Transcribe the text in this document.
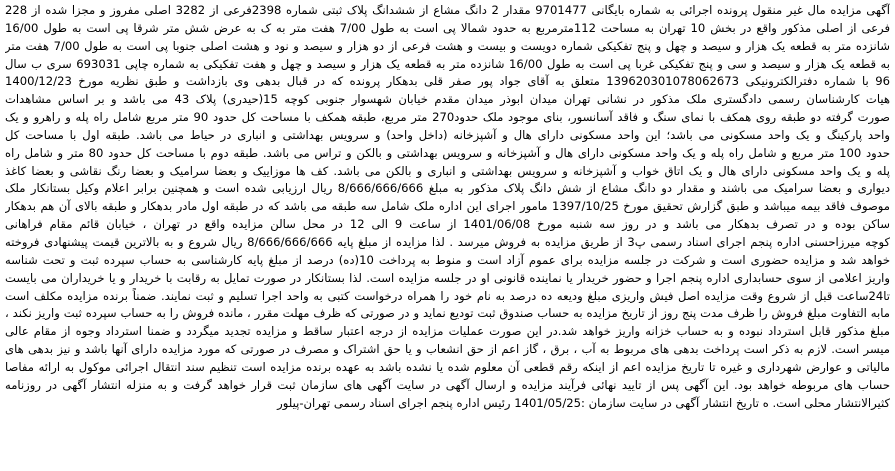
آگهی مزایده مال غیر منقول پرونده اجرائی به شماره بایگانی 9701477 مقدار 2 دانگ مشاع از ششدانگ پلاک ثبتی شماره 2398فرعی از 3282 اصلی مفروز و مجزا شده از 228
فرعی از اصلی مذکور واقع در بخش 10 تهران به مساحت 112مترمربع به حدود شمالا پی است به طول 7/00 هفت متر به ک به عرض شش متر شرقا پی است به طول 16/00
شانزده متر به قطعه یک هزار و سیصد و چهل و پنج تفکیکی شماره دویست و بیست و هشت فرعی از دو هزار و سیصد و نود و هشت اصلی جنوبا پی است به طول 7/00 هفت متر
به قطعه یک هزار و سیصد و سی و پنج تفکیکی غربا پی است به طول 16/00 شانزده متر به قطعه یک هزار و سیصد و چهل و هفت تفکیکی به شماره چاپی 693031 سری ب سال
96 با شماره دفترالکترونیکی 139620301078062673 متعلق به آقای جواد پور صفر قلی بدهکار پرونده که در قبال بدهی وی بازداشت و طبق نظریه مورخ 1400/12/23
هیات کارشناسان رسمی دادگستری ملک مذکور در نشانی تهران میدان ابوذر میدان مقدم خیابان شهسوار جنوبی کوچه 15(حیدری) پلاک 43 می باشد و بر اساس مشاهدات
صورت گرفته دو طبقه روی همکف با نمای سنگ و فاقد آسانسور، بنای موجود ملک حدود270 متر مربع، طبقه همکف با مساحت کل حدود 90 متر مربع شامل راه پله و راهرو و یک
واحد پارکینگ و یک واحد مسکونی می باشد؛ این واحد مسکونی دارای هال و آشپزخانه (داخل واحد) و سرویس بهداشتی و انباری در حیاط می باشد. طبقه اول با مساحت کل
حدود 100 متر مربع و شامل راه پله و یک واحد مسکونی دارای هال و آشپزخانه و سرویس بهداشتی و بالکن و تراس می باشد. طبقه دوم با مساحت کل حدود 80 متر و شامل راه
پله و یک واحد مسکونی دارای هال و یک اتاق خواب و آشپزخانه و سرویس بهداشتی و انباری و بالکن می باشد. کف ها موزاییک و بعضا سرامیک و بعضا رنگ نقاشی و بعضا کاغذ
دیواری و بعضا سرامیک می باشند و مقدار دو دانگ مشاع از شش دانگ پلاک مذکور به مبلغ 8/666/666/666 ریال ارزیابی شده است و همچنین برابر اعلام وکیل بستانکار ملک
موصوف فاقد بیمه میباشد و طبق گزارش تحقیق مورخ 1397/10/25 مامور اجرای این اداره ملک شامل سه طبقه می باشد که در طبقه اول مادر بدهکار و طبقه بالای آن هم بدهکار
ساکن بوده و در تصرف بدهکار می باشد و در روز سه شنبه مورخ 1401/06/08 از ساعت 9 الی 12 در محل سالن مزایده واقع در تهران ، خیابان قائم مقام فراهانی
کوچه میرزاحسنی اداره پنجم اجرای اسناد رسمی پ3 از طریق مزایده به فروش میرسد . لذا مزایده از مبلغ پایه 8/666/666/666 ریال شروع و به بالاترین قیمت پیشنهادی فروخته
خواهد شد و مزایده حضوری است و شرکت در جلسه مزایده برای عموم آزاد است و منوط به پرداخت 10(ده) درصد از مبلغ پایه کارشناسی به حساب سپرده ثبت و تحت شناسه
واریز اعلامی از سوی حسابداری اداره پنجم اجرا و حضور خریدار یا نماینده قانونی او در جلسه مزایده است. لذا بستانکار در صورت تمایل به رقابت با خریدار و یا خریداران می بایست
تا24ساعت قبل از شروع وقت مزایده اصل فیش واریزی مبلغ ودیعه ده درصد به نام خود را همراه درخواست کتبی به واحد اجرا تسلیم و ثبت نمایند. ضمناً برنده مزایده مکلف است
مابه التفاوت مبلغ فروش را ظرف مدت پنج روز از تاریخ مزایده به حساب صندوق ثبت تودیع نماید و در صورتی که ظرف مهلت مقرر ، مانده فروش را به حساب سپرده ثبت واریز نکند ،
مبلغ مذکور قابل استرداد نبوده و به حساب خزانه واریز خواهد شد.در این صورت عملیات مزایده از درجه اعتبار ساقط و مزایده تجدید میگردد و ضمنا استرداد وجوه از مقام عالی
میسر است. لازم به ذکر است پرداخت بدهی های مربوط به آب ، برق ، گاز اعم از حق انشعاب و یا حق اشتراک و مصرف در صورتی که مورد مزایده دارای آنها باشد و نیز بدهی های
مالیاتی و عوارض شهرداری و غیره تا تاریخ مزایده اعم از اینکه رقم قطعی آن معلوم شده یا نشده باشد به عهده برنده مزایده است تنظیم سند انتقال اجرائی موکول به ارائه مفاصا
حساب های مربوطه خواهد بود. این آگهی پس از تایید نهائی فرآیند مزایده و ارسال آگهی در سایت آگهی های سازمان ثبت قرار خواهد گرفت و به منزله انتشار آگهی در روزنامه
کثیرالانتشار محلی است. ه تاریخ انتشار آگهی در سایت سازمان :1401/05/25 رئیس اداره پنجم اجرای اسناد رسمی تهران-پیلور
